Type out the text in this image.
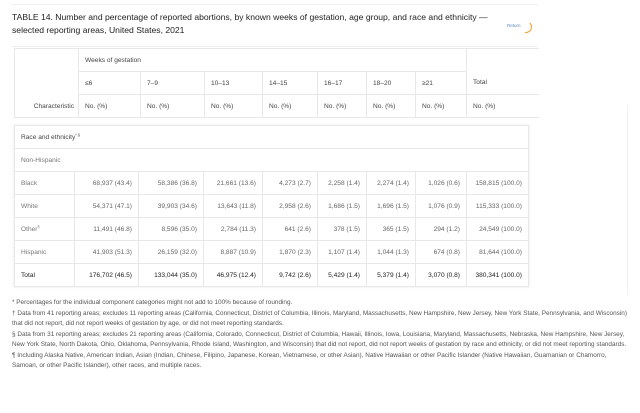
TABLE 14. Number and percentage of reported abortions, by known weeks of gestation, age group, and race and ethnicity —
selected reporting areas, United States, 2021	Return
Characteristic	Weeks of gestation							
	≤6	7–9	10–13	14–15	16–17	18–20	≥21	Total
	No. (%)	No. (%)	No. (%)	No. (%)	No. (%)	No. (%)	No. (%)	No. (%)
Race and ethnicity*,§
Non-Hispanic								
Black	68,937 (43.4)	58,386 (36.8)	21,661 (13.6)	4,273 (2.7)	2,258 (1.4)	2,274 (1.4)	1,026 (0.6)	158,815 (100.0)
White	54,371 (47.1)	39,903 (34.6)	13,643 (11.8)	2,958 (2.6)	1,686 (1.5)	1,696 (1.5)	1,076 (0.9)	115,333 (100.0)
Other¶	11,491 (46.8)	8,596 (35.0)	2,784 (11.3)	641 (2.6)	378 (1.5)	365 (1.5)	294 (1.2)	24,549 (100.0)
Hispanic	41,903 (51.3)	26,159 (32.0)	8,887 (10.9)	1,870 (2.3)	1,107 (1.4)	1,044 (1.3)	674 (0.8)	81,644 (100.0)
Total	176,702 (46.5)	133,044 (35.0)	46,975 (12.4)	9,742 (2.6)	5,429 (1.4)	5,379 (1.4)	3,070 (0.8)	380,341 (100.0)

* Percentages for the individual component categories might not add to 100% because of rounding.

† Data from 41 reporting areas; excludes 11 reporting areas (California, Connecticut, District of Columbia, Illinois, Maryland, Massachusetts, New Hampshire, New Jersey, New York State, Pennsylvania, and Wisconsin) that did not report, did not report weeks of gestation by age, or did not meet reporting standards.

§ Data from 31 reporting areas; excludes 21 reporting areas (California, Colorado, Connecticut, District of Columbia, Hawaii, Illinois, Iowa, Louisiana, Maryland, Massachusetts, Nebraska, New Hampshire, New Jersey, New York State, North Dakota, Ohio, Oklahoma, Pennsylvania, Rhode Island, Washington, and Wisconsin) that did not report, did not report weeks of gestation by race and ethnicity, or did not meet reporting standards.

¶ Including Alaska Native, American Indian, Asian (Indian, Chinese, Filipino, Japanese, Korean, Vietnamese, or other Asian), Native Hawaiian or other Pacific Islander (Native Hawaiian, Guamanian or Chamorro, Samoan, or other Pacific Islander), other races, and multiple races.
